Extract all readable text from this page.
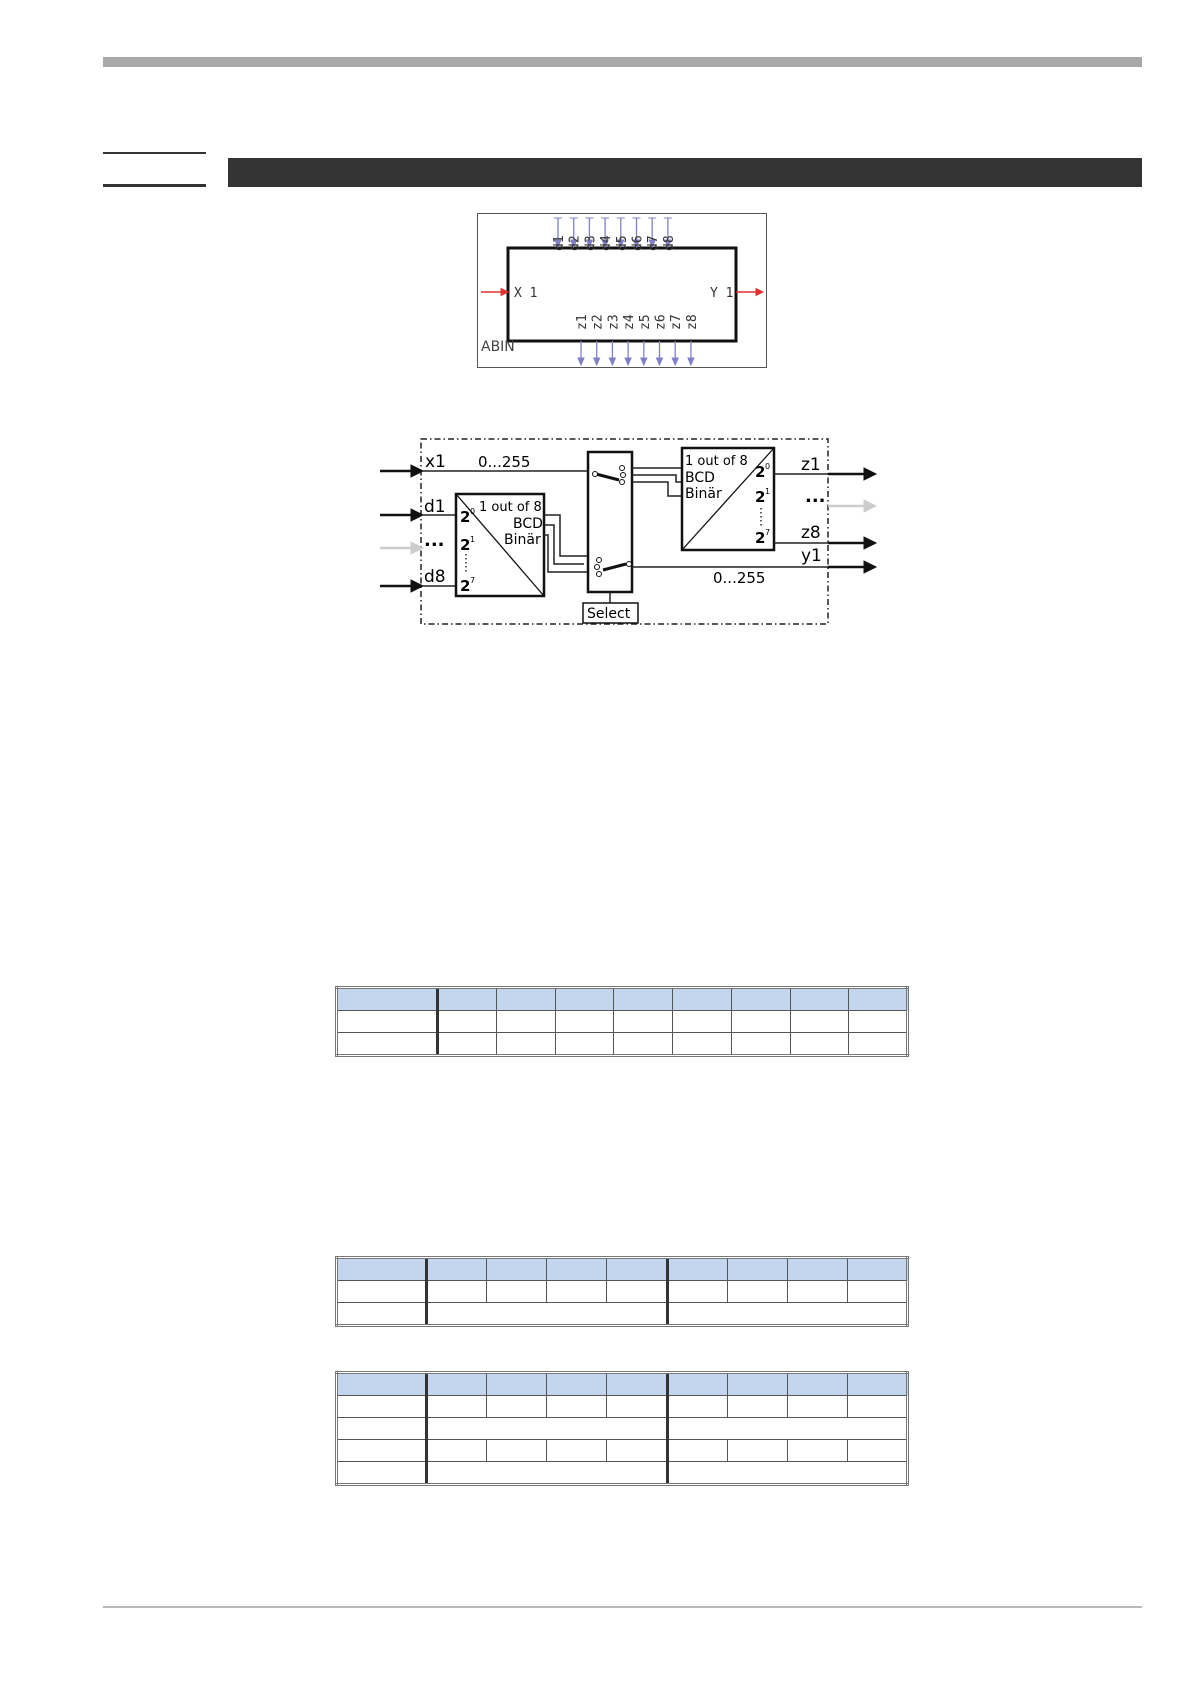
X 1	Y 1
d1 d2 d3 d4 d5 d6 d7 d8
z1 z2 z3 z4 z5 z6 z7 z8
ABIN
x1 0...255
d1
...
d8
1 out of 8
BCD
Binär
2 0
2 1
2 7
Select
1 out of 8
BCD
Binär
2 0
2 1
2 7
0...255
z1
...
z8
y1
